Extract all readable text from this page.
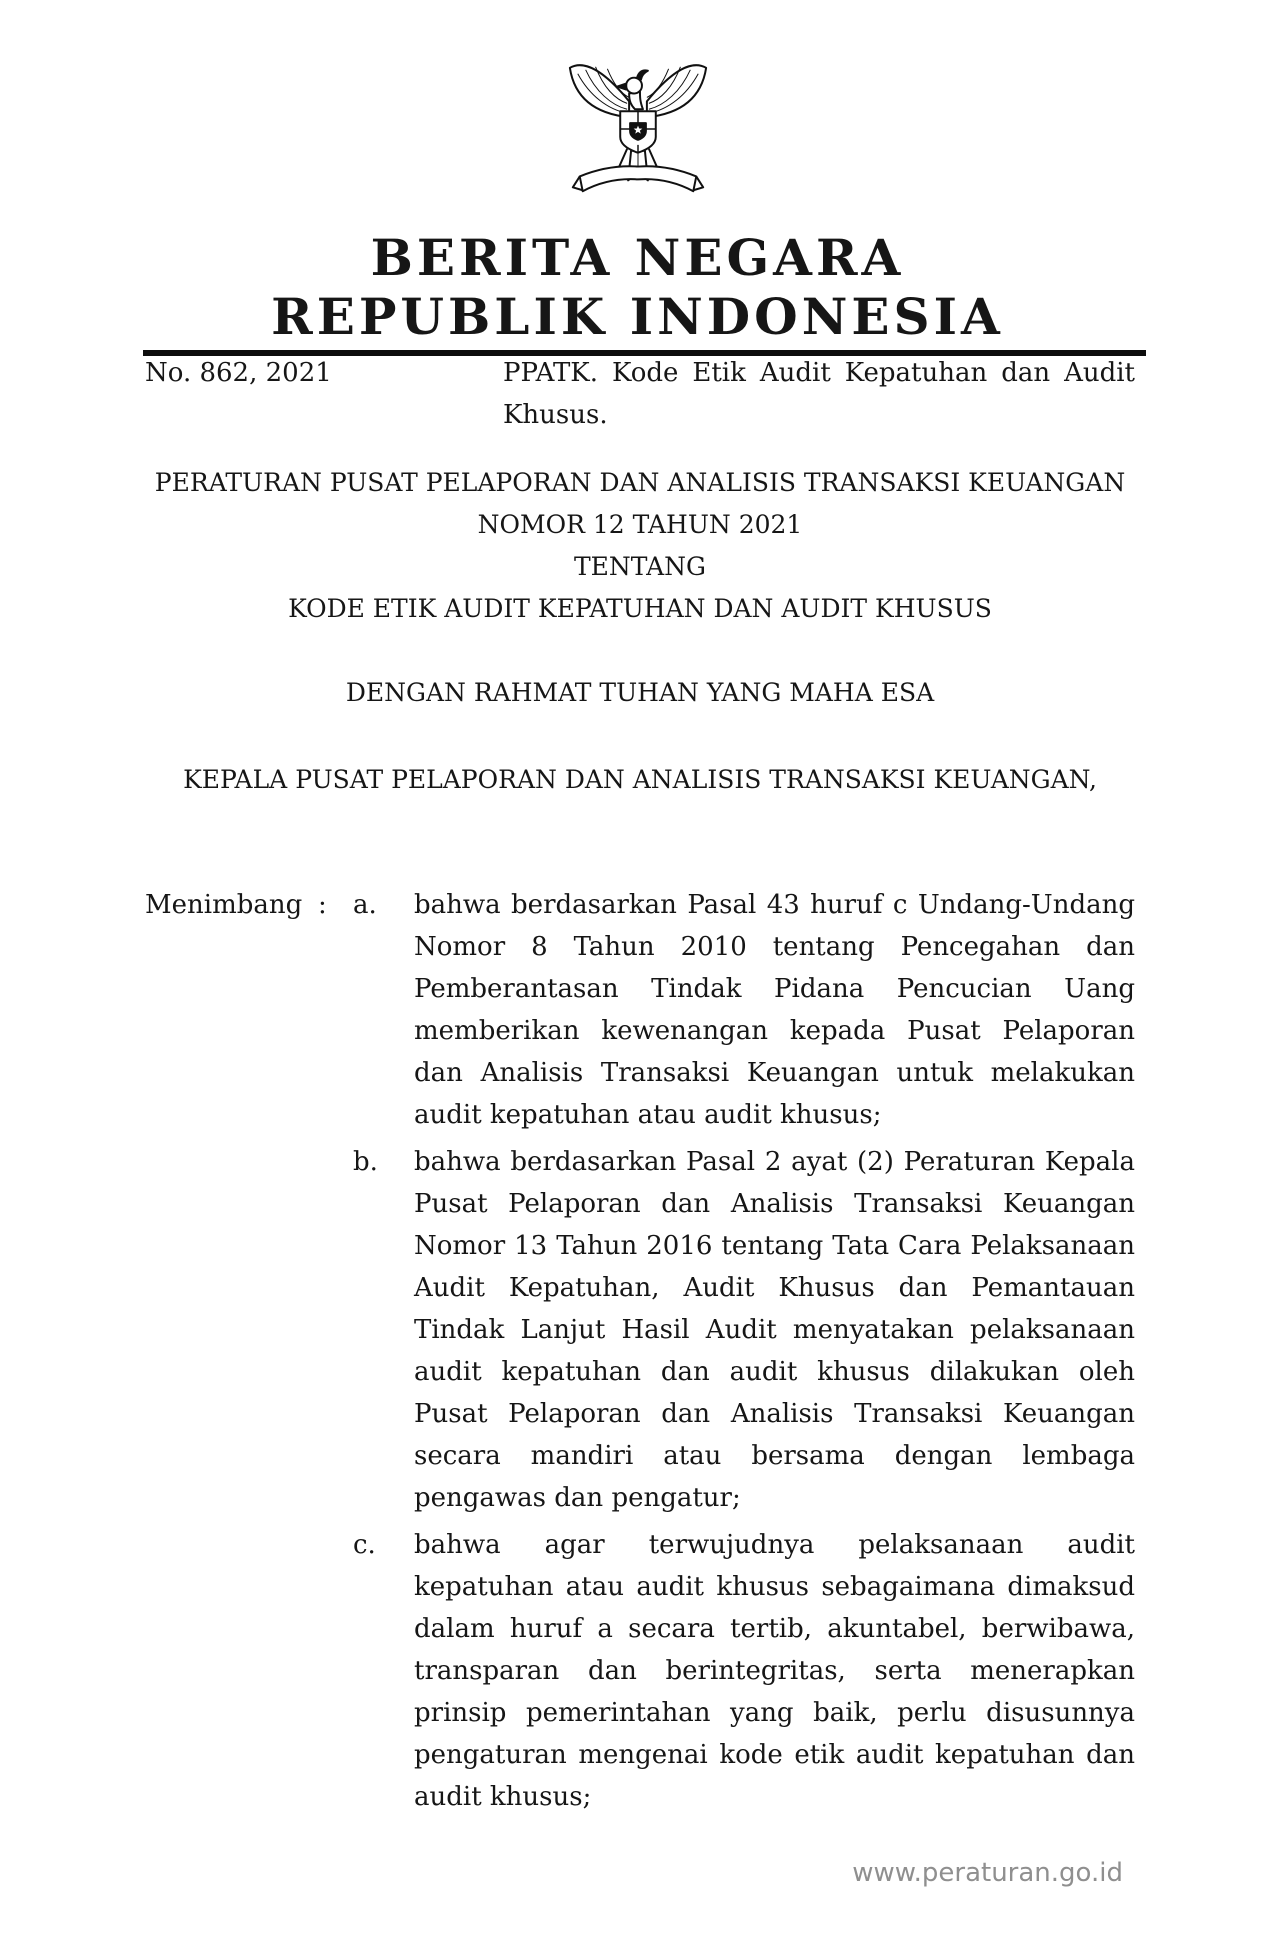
BERITA NEGARA
REPUBLIK INDONESIA
No. 862, 2021	PPATK. Kode Etik Audit Kepatuhan dan Audit Khusus.
PERATURAN PUSAT PELAPORAN DAN ANALISIS TRANSAKSI KEUANGAN
NOMOR 12 TAHUN 2021
TENTANG
KODE ETIK AUDIT KEPATUHAN DAN AUDIT KHUSUS
DENGAN RAHMAT TUHAN YANG MAHA ESA
KEPALA PUSAT PELAPORAN DAN ANALISIS TRANSAKSI KEUANGAN,
Menimbang :	a.	bahwa berdasarkan Pasal 43 huruf c Undang-Undang Nomor 8 Tahun 2010 tentang Pencegahan dan Pemberantasan Tindak Pidana Pencucian Uang memberikan kewenangan kepada Pusat Pelaporan dan Analisis Transaksi Keuangan untuk melakukan audit kepatuhan atau audit khusus;
b.	bahwa berdasarkan Pasal 2 ayat (2) Peraturan Kepala Pusat Pelaporan dan Analisis Transaksi Keuangan Nomor 13 Tahun 2016 tentang Tata Cara Pelaksanaan Audit Kepatuhan, Audit Khusus dan Pemantauan Tindak Lanjut Hasil Audit menyatakan pelaksanaan audit kepatuhan dan audit khusus dilakukan oleh Pusat Pelaporan dan Analisis Transaksi Keuangan secara mandiri atau bersama dengan lembaga pengawas dan pengatur;
c.	bahwa agar terwujudnya pelaksanaan audit kepatuhan atau audit khusus sebagaimana dimaksud dalam huruf a secara tertib, akuntabel, berwibawa, transparan dan berintegritas, serta menerapkan prinsip pemerintahan yang baik, perlu disusunnya pengaturan mengenai kode etik audit kepatuhan dan audit khusus;
www.peraturan.go.id
